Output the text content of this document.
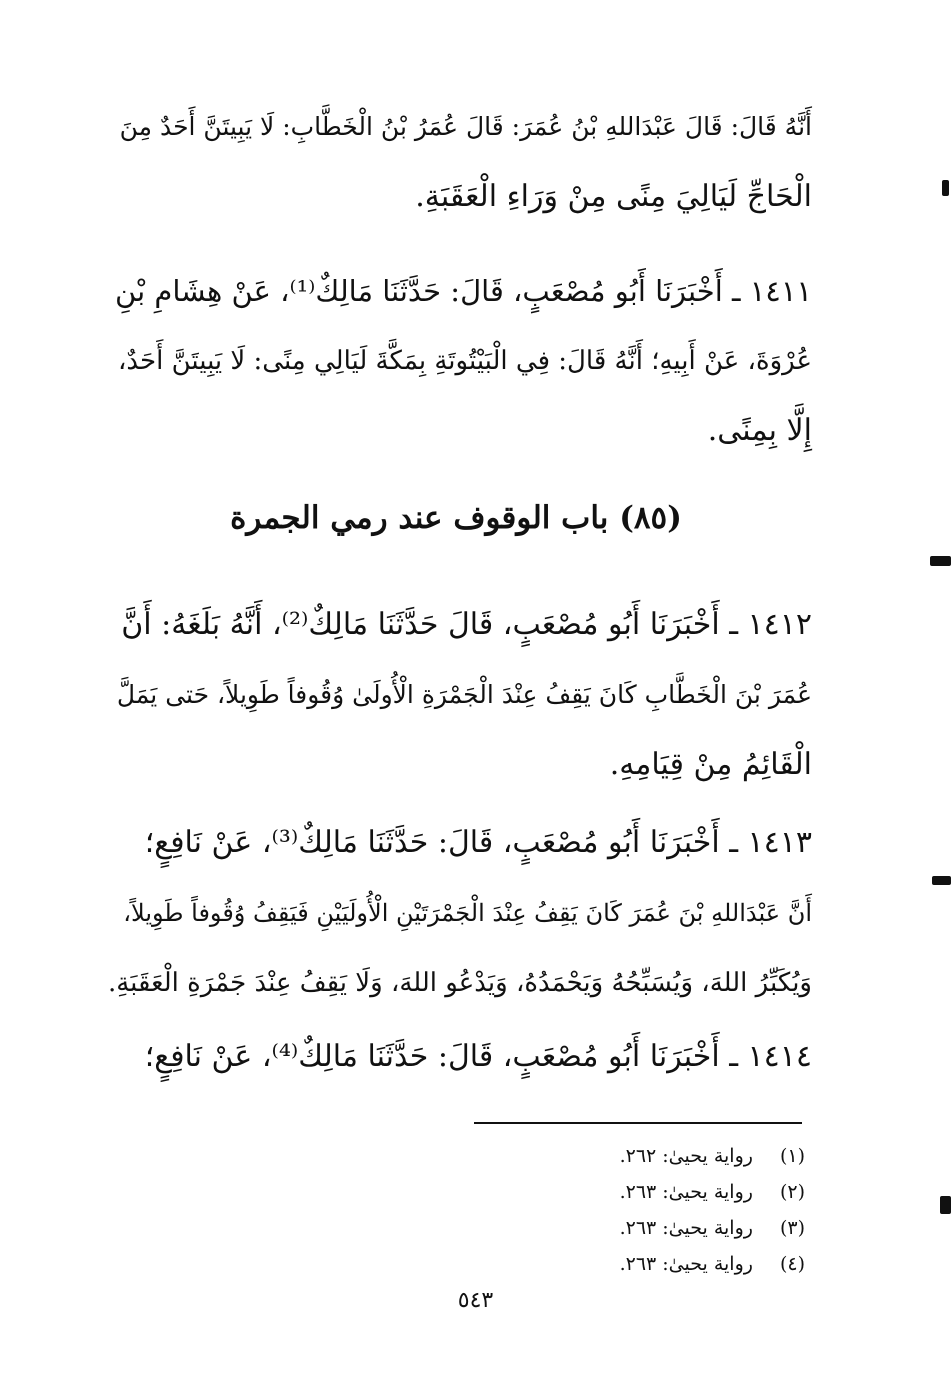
أَنَّهُ قَالَ: قَالَ عَبْدَاللهِ بْنُ عُمَرَ: قَالَ عُمَرُ بْنُ الْخَطَّابِ: لَا يَبِيتَنَّ أَحَدٌ مِنَ
الْحَاجِّ لَيَالِيَ مِنًى مِنْ وَرَاءِ الْعَقَبَةِ.
١٤١١ ـ أَخْبَرَنَا أَبُو مُصْعَبٍ، قَالَ: حَدَّثَنَا مَالِكٌ⁽¹⁾، عَنْ هِشَامِ بْنِ
عُرْوَةَ، عَنْ أَبِيهِ؛ أَنَّهُ قَالَ: فِي الْبَيْتُوتَةِ بِمَكَّةَ لَيَالِي مِنًى: لَا يَبِيتَنَّ أَحَدٌ،
إِلَّا بِمِنًى.
(٨٥) باب الوقوف عند رمي الجمرة
١٤١٢ ـ أَخْبَرَنَا أَبُو مُصْعَبٍ، قَالَ حَدَّثَنَا مَالِكٌ⁽²⁾، أَنَّهُ بَلَغَهُ: أَنَّ
عُمَرَ بْنَ الْخَطَّابِ كَانَ يَقِفُ عِنْدَ الْجَمْرَةِ الْأُولَىٰ وُقُوفاً طَوِيلاً، حَتى يَمَلَّ
الْقَائِمُ مِنْ قِيَامِهِ.
١٤١٣ ـ أَخْبَرَنَا أَبُو مُصْعَبٍ، قَالَ: حَدَّثَنَا مَالِكٌ⁽³⁾، عَنْ نَافِعٍ؛
أَنَّ عَبْدَاللهِ بْنَ عُمَرَ كَانَ يَقِفُ عِنْدَ الْجَمْرَتَيْنِ الْأُولَيَيْنِ فَيَقِفُ وُقُوفاً طَوِيلاً،
وَيُكَبِّرُ اللهَ، وَيُسَبِّحُهُ وَيَحْمَدُهُ، وَيَدْعُو اللهَ، وَلَا يَقِفُ عِنْدَ جَمْرَةِ الْعَقَبَةِ.
١٤١٤ ـ أَخْبَرَنَا أَبُو مُصْعَبٍ، قَالَ: حَدَّثَنَا مَالِكٌ⁽⁴⁾، عَنْ نَافِعٍ؛
(١) رواية يحيىٰ: ٢٦٢.
(٢) رواية يحيىٰ: ٢٦٣.
(٣) رواية يحيىٰ: ٢٦٣.
(٤) رواية يحيىٰ: ٢٦٣.
٥٤٣
